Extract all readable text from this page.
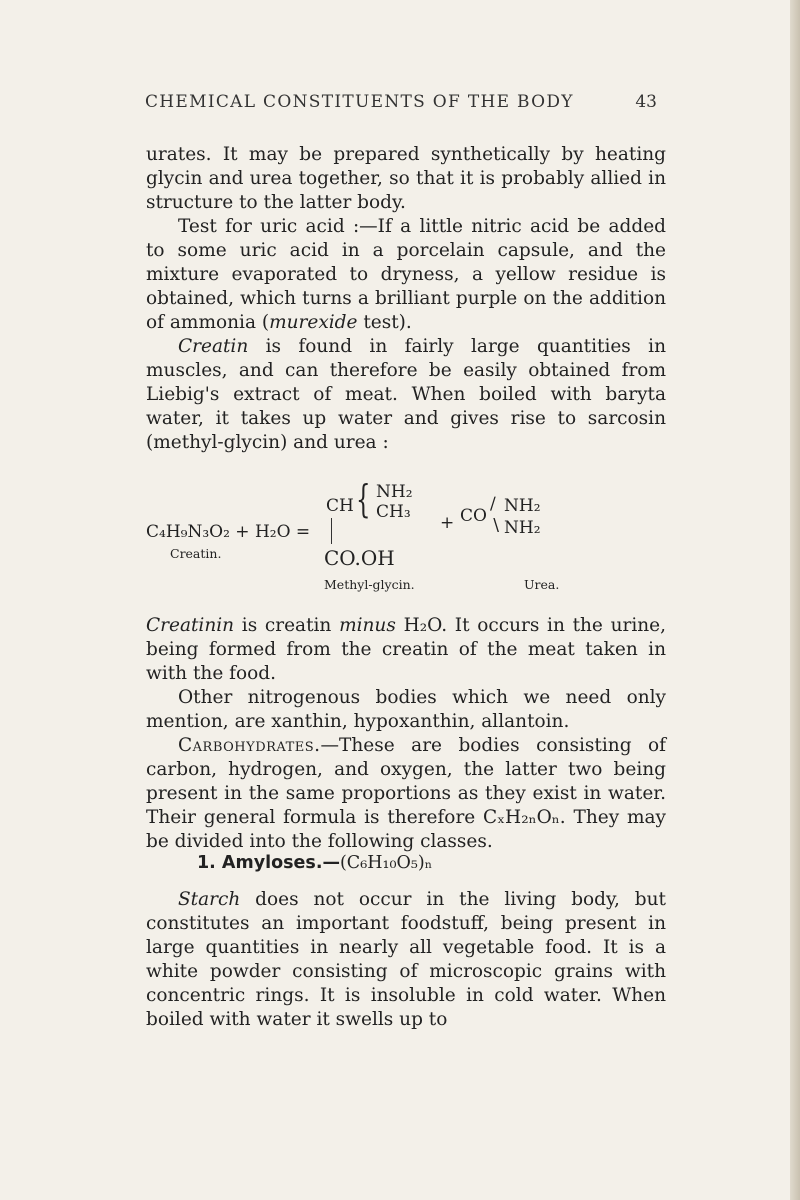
CHEMICAL CONSTITUENTS OF THE BODY	43

urates. It may be prepared synthetically by heating glycin and urea together, so that it is probably allied in structure to the latter body.

Test for uric acid :—If a little nitric acid be added to some uric acid in a porcelain capsule, and the mixture evaporated to dryness, a yellow residue is obtained, which turns a brilliant purple on the addition of ammonia (murexide test).

Creatin is found in fairly large quantities in muscles, and can therefore be easily obtained from Liebig's extract of meat. When boiled with baryta water, it takes up water and gives rise to sarcosin (methyl-glycin) and urea :

CH { NH₂
CH₃
+ CO NH₂
NH₂
∕
∖
C₄H₉N₃O₂ + H₂O =
CO.OH
Creatin.
Methyl-glycin.	Urea.

Creatinin is creatin minus H₂O. It occurs in the urine, being formed from the creatin of the meat taken in with the food.

Other nitrogenous bodies which we need only mention, are xanthin, hypoxanthin, allantoin.

Carbohydrates.—These are bodies consisting of carbon, hydrogen, and oxygen, the latter two being present in the same proportions as they exist in water. Their general formula is therefore CₓH₂ₙOₙ. They may be divided into the following classes.

1. Amyloses.—(C₆H₁₀O₅)ₙ

Starch does not occur in the living body, but constitutes an important foodstuff, being present in large quantities in nearly all vegetable food. It is a white powder consisting of microscopic grains with concentric rings. It is insoluble in cold water. When boiled with water it swells up to
